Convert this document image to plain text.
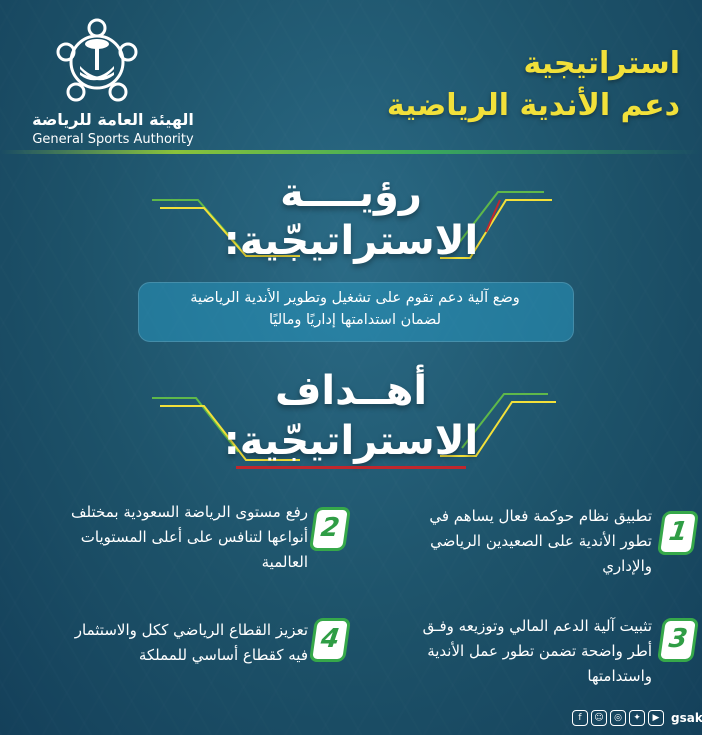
الهيئة العامة للرياضة
General Sports Authority
استراتيجية
دعم الأندية الرياضية
رؤيــــة
الاستراتيجّية:
وضع آلية دعم تقوم على تشغيل وتطوير الأندية الرياضية
لضمان استدامتها إداريًا وماليًا
أهــداف
الاستراتيجّية:
1
تطبيق نظام حوكمة فعال يساهم في
تطور الأندية على الصعيدين الرياضي
والإداري
2
رفع مستوى الرياضة السعودية بمختلف
أنواعها لتنافس على أعلى المستويات
العالمية
3
تثبيت آلية الدعم المالي وتوزيعه وفـق
أطر واضحة تضمن تطور عمل الأندية
واستدامتها
4
تعزيز القطاع الرياضي ككل والاستثمار
فيه كقطاع أساسي للمملكة
f	☺	◎	✦	▶ gsaksa
